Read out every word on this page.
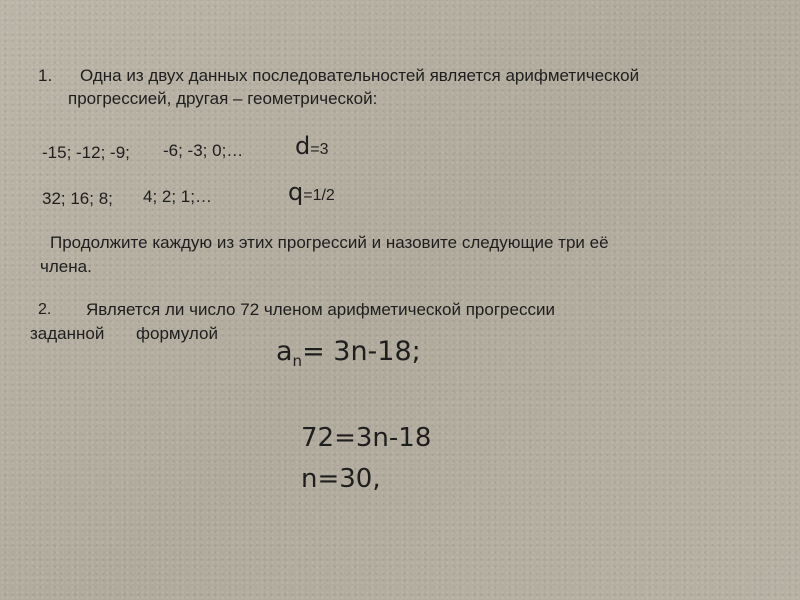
1. Одна из двух данных последовательностей является арифметической
прогрессией, другая – геометрической:
-15; -12; -9; -6; -3; 0;… d=3
32; 16; 8; 4; 2; 1;…	q=1/2
Продолжите каждую из этих прогрессий и назовите следующие три её
члена.
2. Является ли число 72 членом арифметической прогрессии
заданной формулой
$a_n= 3n-18$;
72=3n-18
n=30,
